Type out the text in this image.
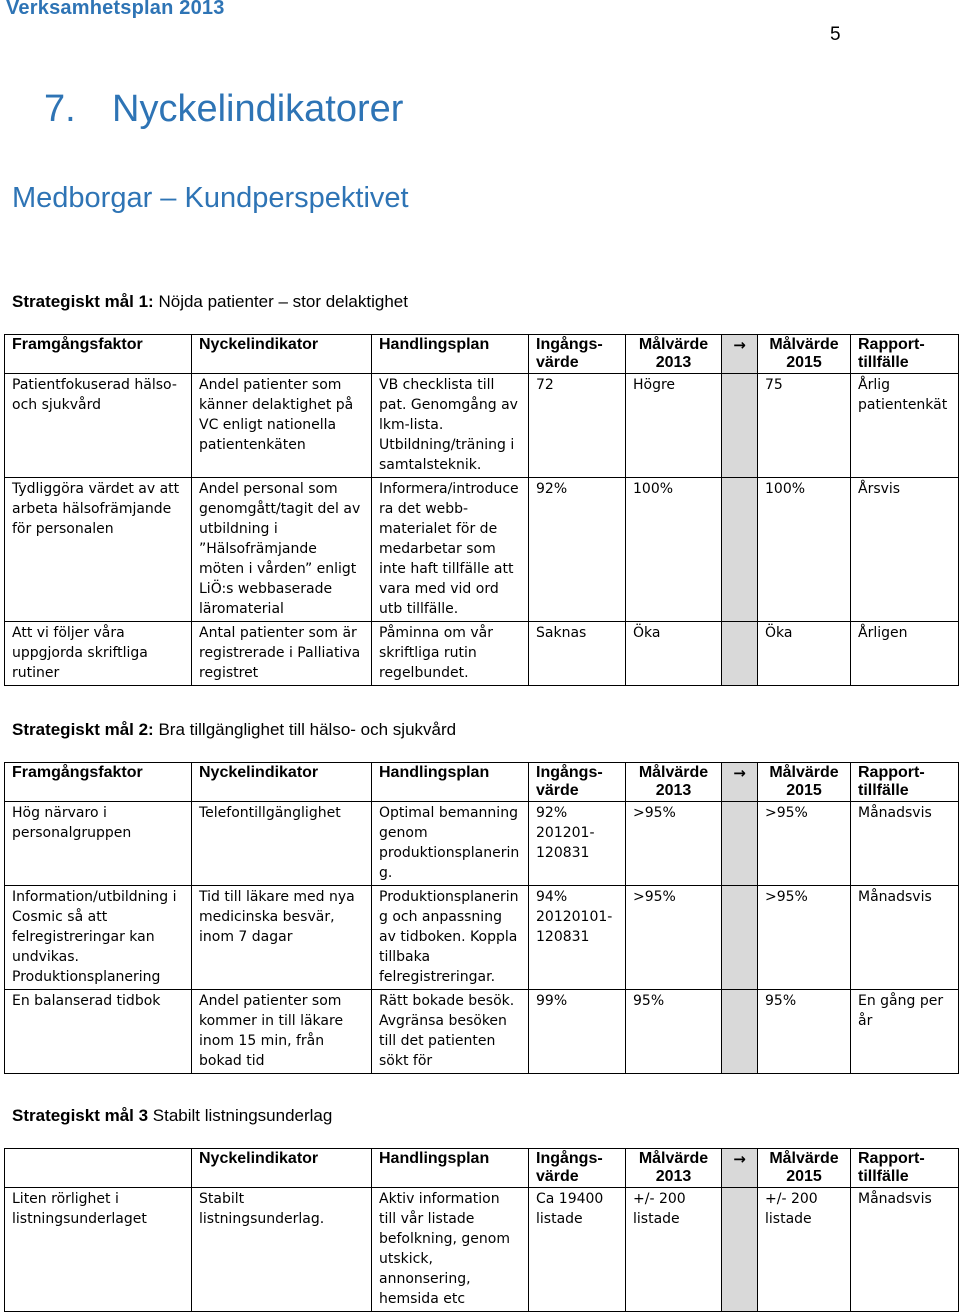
Verksamhetsplan 2013
5
7. Nyckelindikatorer
Medborgar – Kundperspektivet
Strategiskt mål 1: Nöjda patienter – stor delaktighet
Framgångsfaktor	Nyckelindikator	Handlingsplan	Ingångs-värde	Målvärde 2013	→	Målvärde 2015	Rapport-tillfälle
Patientfokuserad hälso- och sjukvård	Andel patienter som känner delaktighet på VC enligt nationella patientenkäten	VB checklista till pat. Genomgång av lkm-lista. Utbildning/träning i samtalsteknik.	72	Högre		75	Årlig patientenkät
Tydliggöra värdet av att arbeta hälsofrämjande för personalen	Andel personal som genomgått/tagit del av utbildning i ”Hälsofrämjande möten i vården” enligt LiÖ:s webbaserade läromaterial	Informera/introducera det webb-materialet för de medarbetar som inte haft tillfälle att vara med vid ord utb tillfälle.	92%	100%		100%	Årsvis
Att vi följer våra uppgjorda skriftliga rutiner	Antal patienter som är registrerade i Palliativa registret	Påminna om vår skriftliga rutin regelbundet.	Saknas	Öka		Öka	Årligen
Strategiskt mål 2: Bra tillgänglighet till hälso- och sjukvård
Framgångsfaktor	Nyckelindikator	Handlingsplan	Ingångs-värde	Målvärde 2013	→	Målvärde 2015	Rapport-tillfälle
Hög närvaro i personalgruppen	Telefontillgänglighet	Optimal bemanning genom produktionsplanering.	92% 201201-120831	>95%		>95%	Månadsvis
Information/utbildning i Cosmic så att felregistreringar kan undvikas. Produktionsplanering	Tid till läkare med nya medicinska besvär, inom 7 dagar	Produktionsplanering och anpassning av tidboken. Koppla tillbaka felregistreringar.	94% 20120101-120831	>95%		>95%	Månadsvis
En balanserad tidbok	Andel patienter som kommer in till läkare inom 15 min, från bokad tid	Rätt bokade besök. Avgränsa besöken till det patienten sökt för	99%	95%		95%	En gång per år
Strategiskt mål 3 Stabilt listningsunderlag
	Nyckelindikator	Handlingsplan	Ingångs-värde	Målvärde 2013	→	Målvärde 2015	Rapport-tillfälle
Liten rörlighet i listningsunderlaget	Stabilt listningsunderlag.	Aktiv information till vår listade befolkning, genom utskick, annonsering, hemsida etc	Ca 19400 listade	+/- 200 listade		+/- 200 listade	Månadsvis
